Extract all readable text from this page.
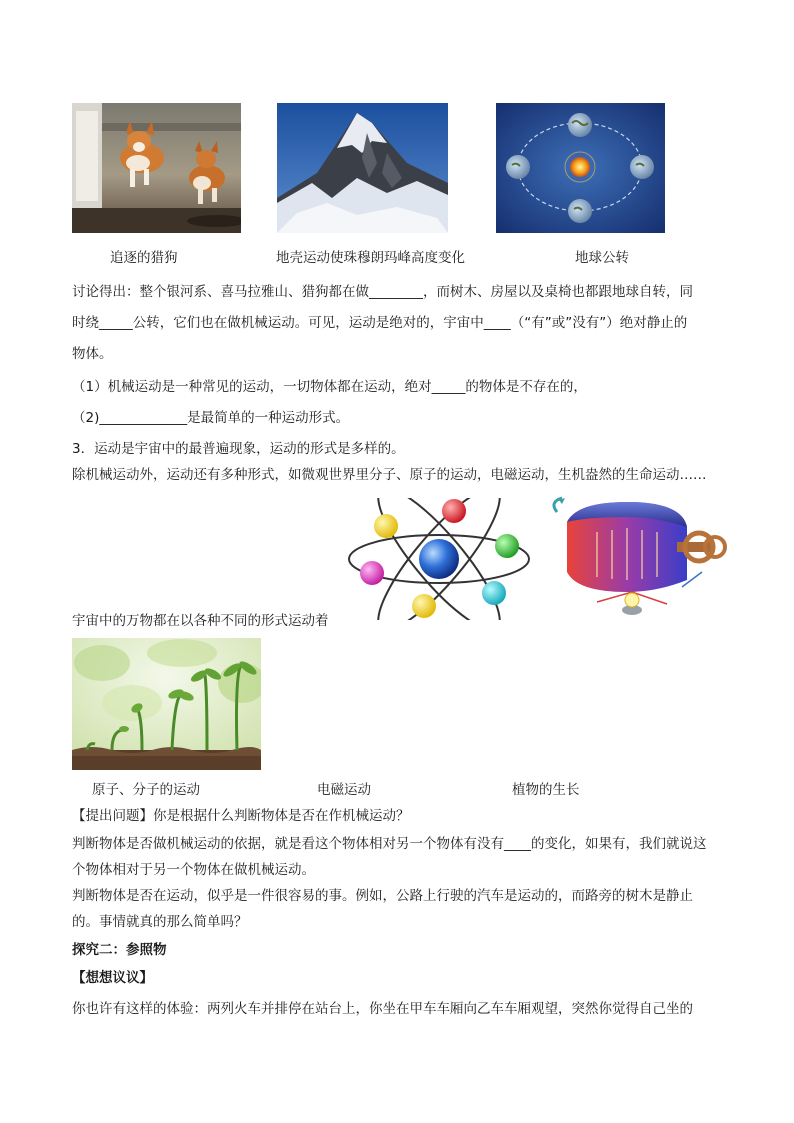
追逐的猎狗	地壳运动使珠穆朗玛峰高度变化	地球公转
讨论得出：整个银河系、喜马拉雅山、猎狗都在做________，而树木、房屋以及桌椅也都跟地球自转，同
时绕_____公转，它们也在做机械运动。可见，运动是绝对的，宇宙中____（“有”或”没有”）绝对静止的
物体。
（1）机械运动是一种常见的运动，一切物体都在运动，绝对_____的物体是不存在的，
（2)_____________是最简单的一种运动形式。
3．运动是宇宙中的最普遍现象，运动的形式是多样的。
除机械运动外，运动还有多种形式，如微观世界里分子、原子的运动，电磁运动，生机盎然的生命运动……
宇宙中的万物都在以各种不同的形式运动着
原子、分子的运动	电磁运动	植物的生长
【提出问题】你是根据什么判断物体是否在作机械运动？
判断物体是否做机械运动的依据，就是看这个物体相对另一个物体有没有____的变化，如果有，我们就说这
个物体相对于另一个物体在做机械运动。
判断物体是否在运动，似乎是一件很容易的事。例如，公路上行驶的汽车是运动的，而路旁的树木是静止
的。事情就真的那么简单吗？
探究二：参照物
【想想议议】
你也许有这样的体验：两列火车并排停在站台上，你坐在甲车车厢向乙车车厢观望，突然你觉得自己坐的
